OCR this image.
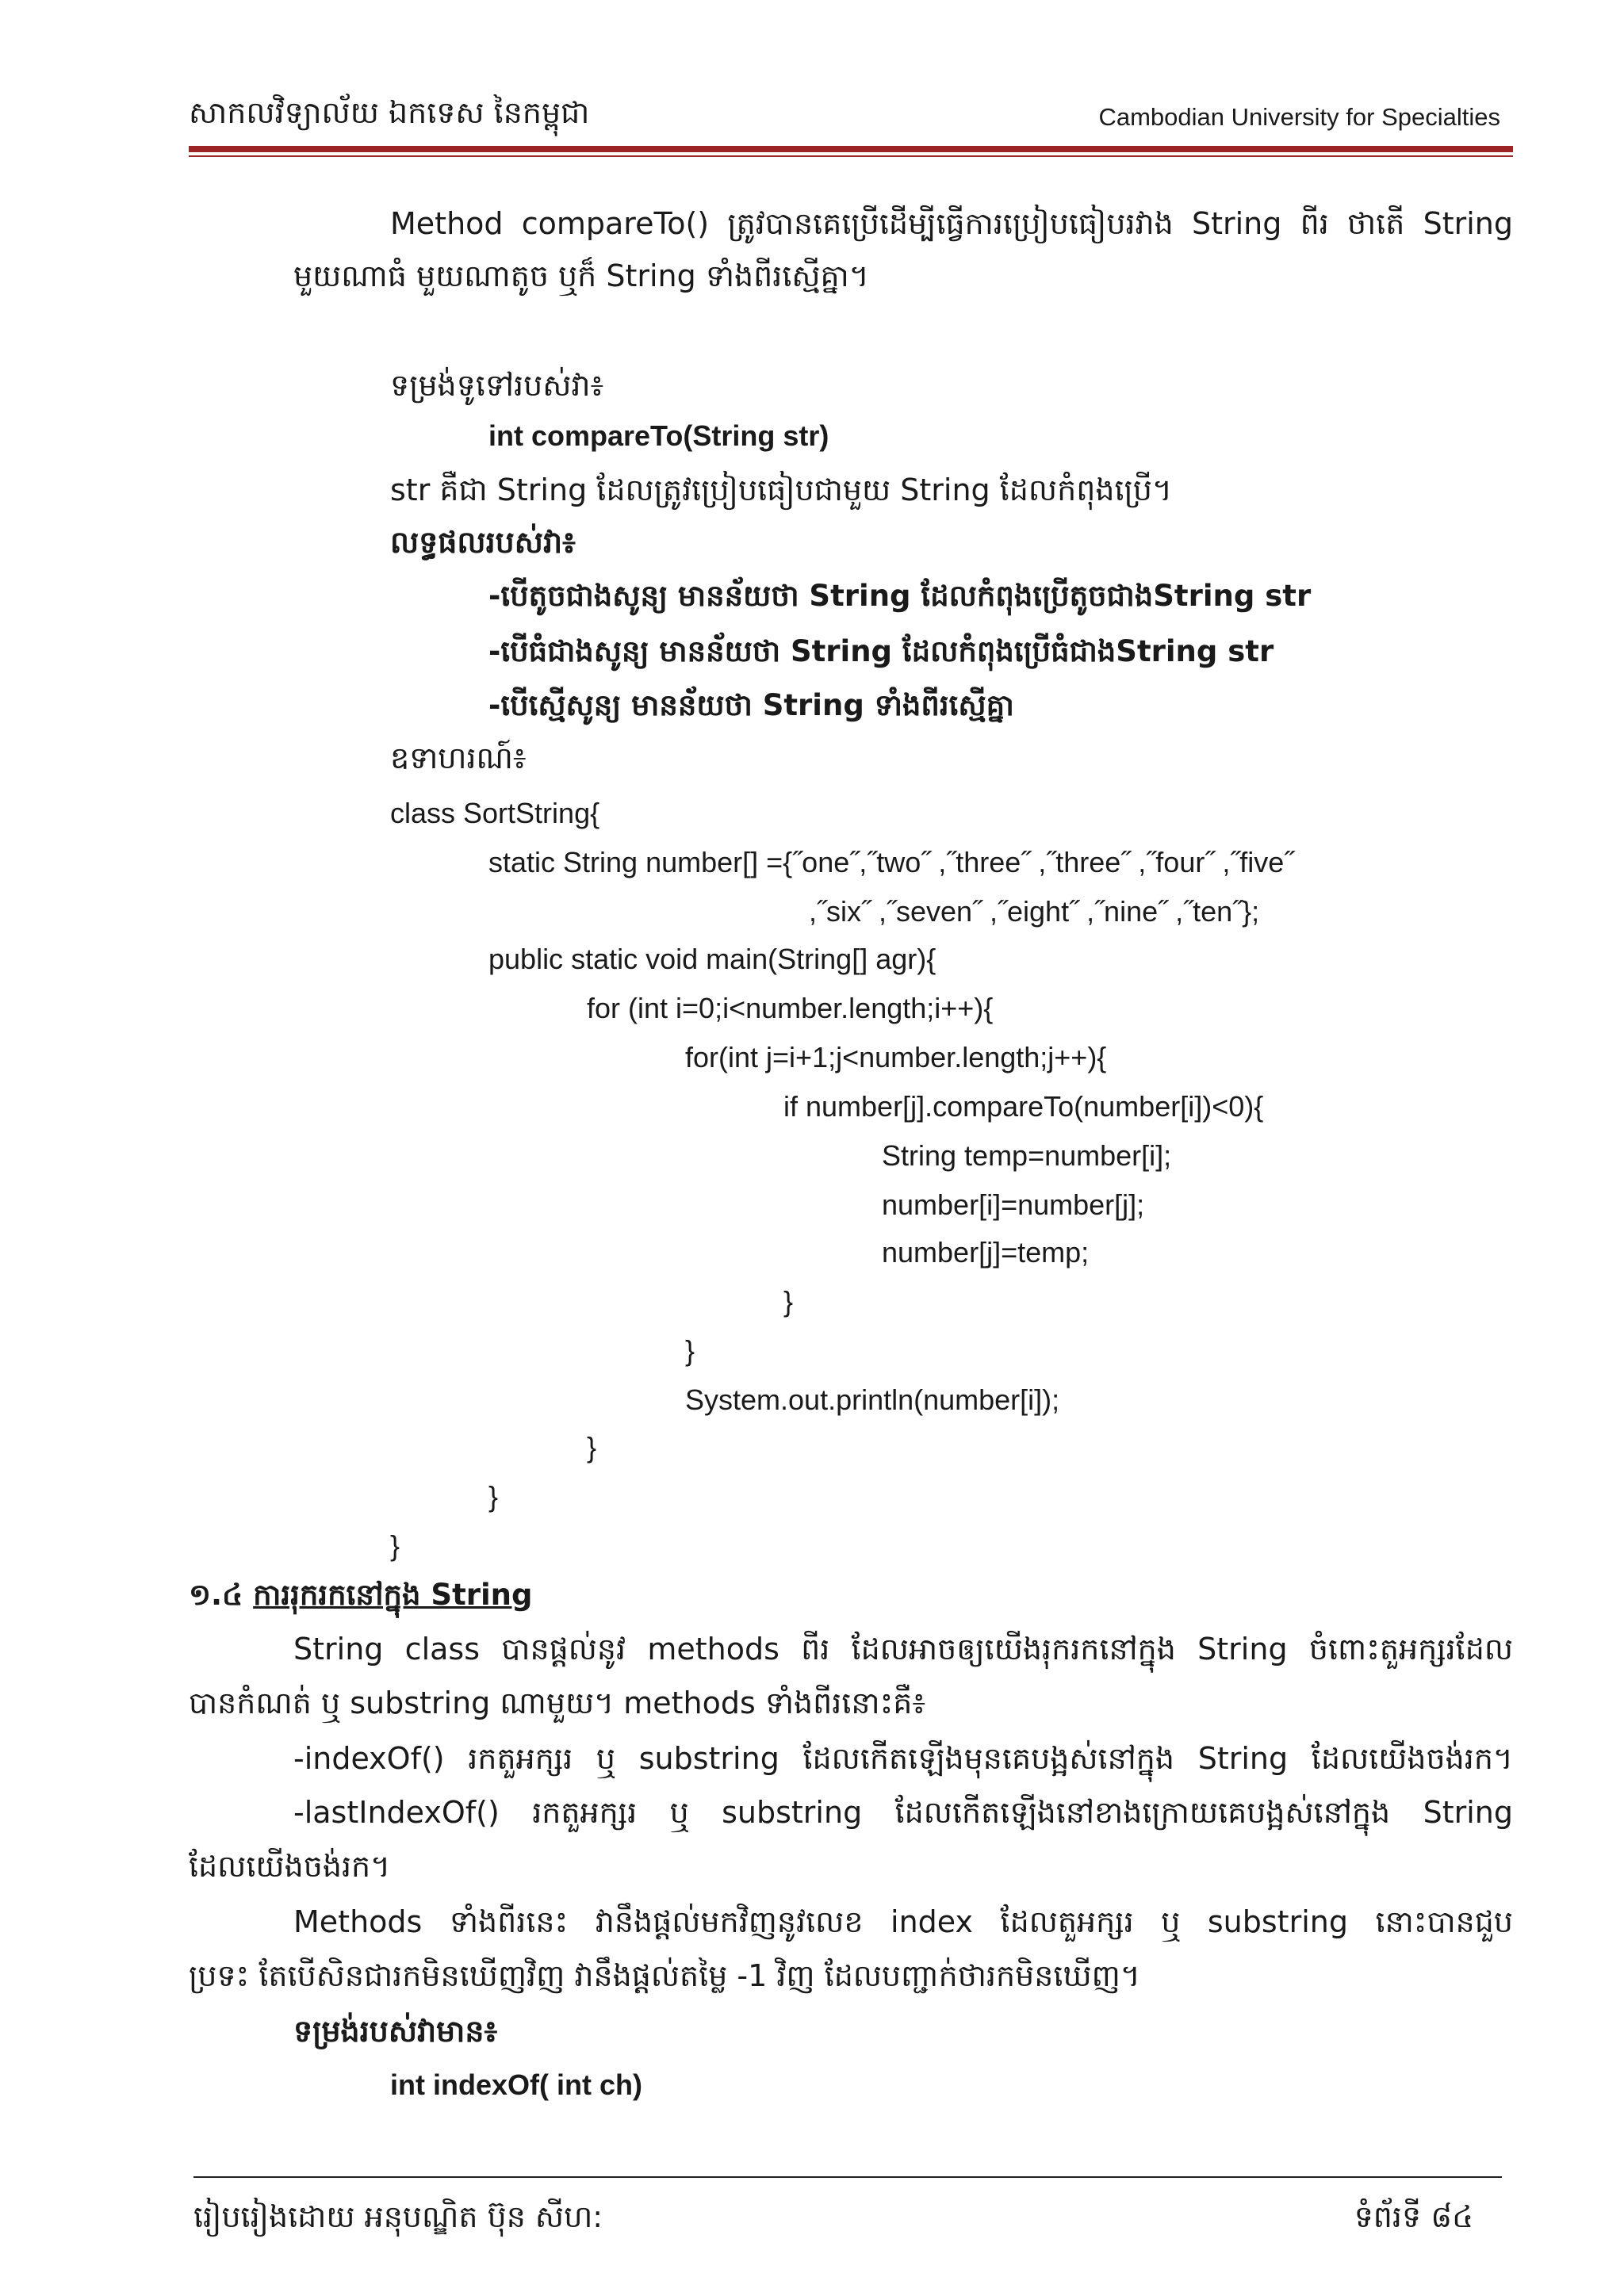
សាកលវិទ្យាល័យ ឯកទេស នៃកម្ពុជា	Cambodian University for Specialties
Method compareTo() ត្រូវបានគេប្រើដើម្បីធ្វើការប្រៀបធៀបរវាង String ពីរ ថាតើ String
មួយណាធំ មួយណាតូច ឬក៏ String ទាំងពីរស្មើគ្នា។
ទម្រង់ទូទៅរបស់វា៖
int compareTo(String str)
str គឺជា String ដែលត្រូវប្រៀបធៀបជាមួយ String ដែលកំពុងប្រើ។
លទ្ធផលរបស់វា៖
-បើតូចជាងសូន្យ មានន័យថា String ដែលកំពុងប្រើតូចជាងString str
-បើធំជាងសូន្យ មានន័យថា String ដែលកំពុងប្រើធំជាងString str
-បើស្មើសូន្យ មានន័យថា String ទាំងពីរស្មើគ្នា
ឧទាហរណ៍៖
class SortString{
static String number[] ={˝one˝,˝two˝ ,˝three˝ ,˝three˝ ,˝four˝ ,˝five˝
,˝six˝ ,˝seven˝ ,˝eight˝ ,˝nine˝ ,˝ten˝};
public static void main(String[] agr){
for (int i=0;i<number.length;i++){
for(int j=i+1;j<number.length;j++){
if number[j].compareTo(number[i])<0){
String temp=number[i];
number[i]=number[j];
number[j]=temp;
}
}
System.out.println(number[i]);
}
}
}
១.៤ ការរុករកនៅក្នុង String
String class បានផ្តល់នូវ methods ពីរ ដែលអាចឲ្យយើងរុករកនៅក្នុង String ចំពោះតួអក្សរដែល
បានកំណត់ ឬ substring ណាមួយ។ methods ទាំងពីរនោះគឺ៖
-indexOf() រកតួអក្សរ ឬ substring ដែលកើតឡើងមុនគេបង្អស់នៅក្នុង String ដែលយើងចង់រក។
-lastIndexOf() រកតួអក្សរ ឬ substring ដែលកើតឡើងនៅខាងក្រោយគេបង្អស់នៅក្នុង String
ដែលយើងចង់រក។
Methods ទាំងពីរនេះ វានឹងផ្តល់មកវិញនូវលេខ index ដែលតួអក្សរ ឬ substring នោះបានជួប
ប្រទះ តែបើសិនជារកមិនឃើញវិញ វានឹងផ្តល់តម្លៃ -1 វិញ ដែលបញ្ជាក់ថារកមិនឃើញ។
ទម្រង់របស់វាមាន៖
int indexOf( int ch)
រៀបរៀងដោយ អនុបណ្ឌិត ប៊ុន សីហ:	ទំព័រទី ៨៤
